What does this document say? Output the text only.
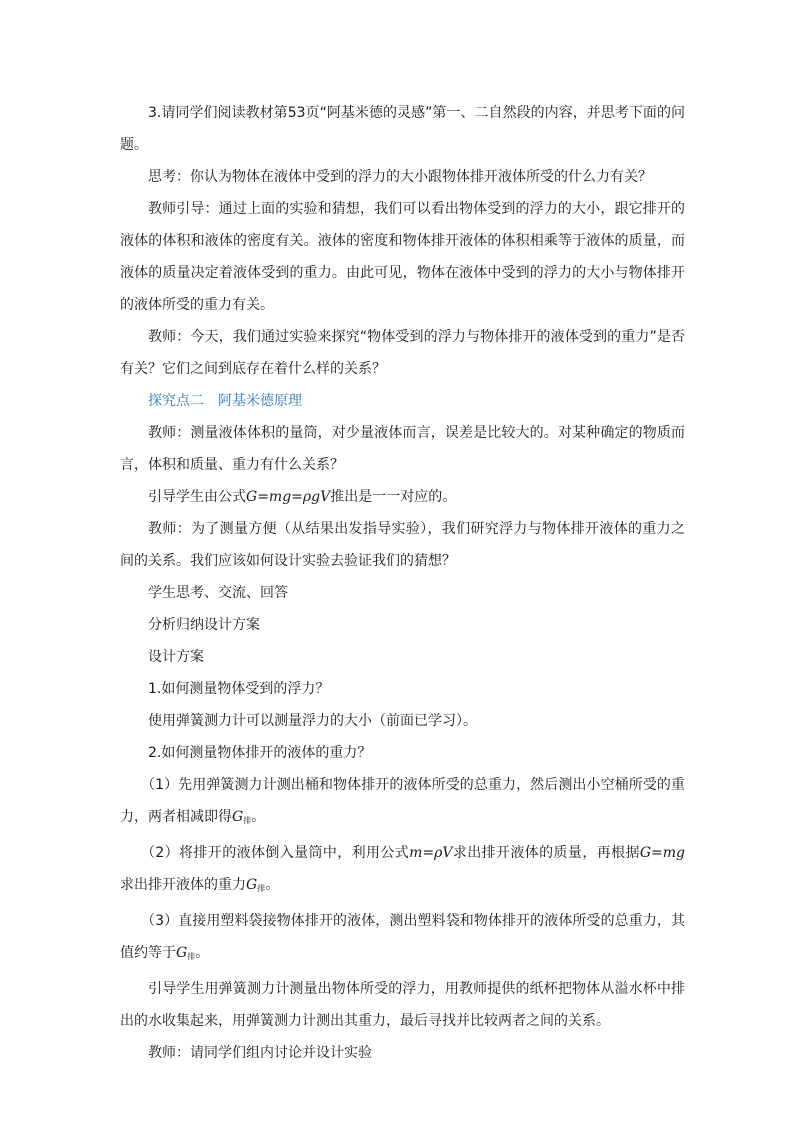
3.请同学们阅读教材第53页“阿基米德的灵感”第一、二自然段的内容，并思考下面的问题。

思考：你认为物体在液体中受到的浮力的大小跟物体排开液体所受的什么力有关？

教师引导：通过上面的实验和猜想，我们可以看出物体受到的浮力的大小，跟它排开的液体的体积和液体的密度有关。液体的密度和物体排开液体的体积相乘等于液体的质量，而液体的质量决定着液体受到的重力。由此可见，物体在液体中受到的浮力的大小与物体排开的液体所受的重力有关。

教师：今天，我们通过实验来探究“物体受到的浮力与物体排开的液体受到的重力”是否有关？它们之间到底存在着什么样的关系？

探究点二　阿基米德原理

教师：测量液体体积的量筒，对少量液体而言，误差是比较大的。对某种确定的物质而言，体积和质量、重力有什么关系？

引导学生由公式G=mg=ρgV推出是一一对应的。

教师：为了测量方便（从结果出发指导实验），我们研究浮力与物体排开液体的重力之间的关系。我们应该如何设计实验去验证我们的猜想？

学生思考、交流、回答

分析归纳设计方案

设计方案

1.如何测量物体受到的浮力？

使用弹簧测力计可以测量浮力的大小（前面已学习）。

2.如何测量物体排开的液体的重力？

（1）先用弹簧测力计测出桶和物体排开的液体所受的总重力，然后测出小空桶所受的重力，两者相减即得$G_排$。

（2）将排开的液体倒入量筒中，利用公式m=ρV求出排开液体的质量，再根据G=mg求出排开液体的重力$G_排$。

（3）直接用塑料袋接物体排开的液体，测出塑料袋和物体排开的液体所受的总重力，其值约等于$G_排$。

引导学生用弹簧测力计测量出物体所受的浮力，用教师提供的纸杯把物体从溢水杯中排出的水收集起来，用弹簧测力计测出其重力，最后寻找并比较两者之间的关系。

教师：请同学们组内讨论并设计实验
